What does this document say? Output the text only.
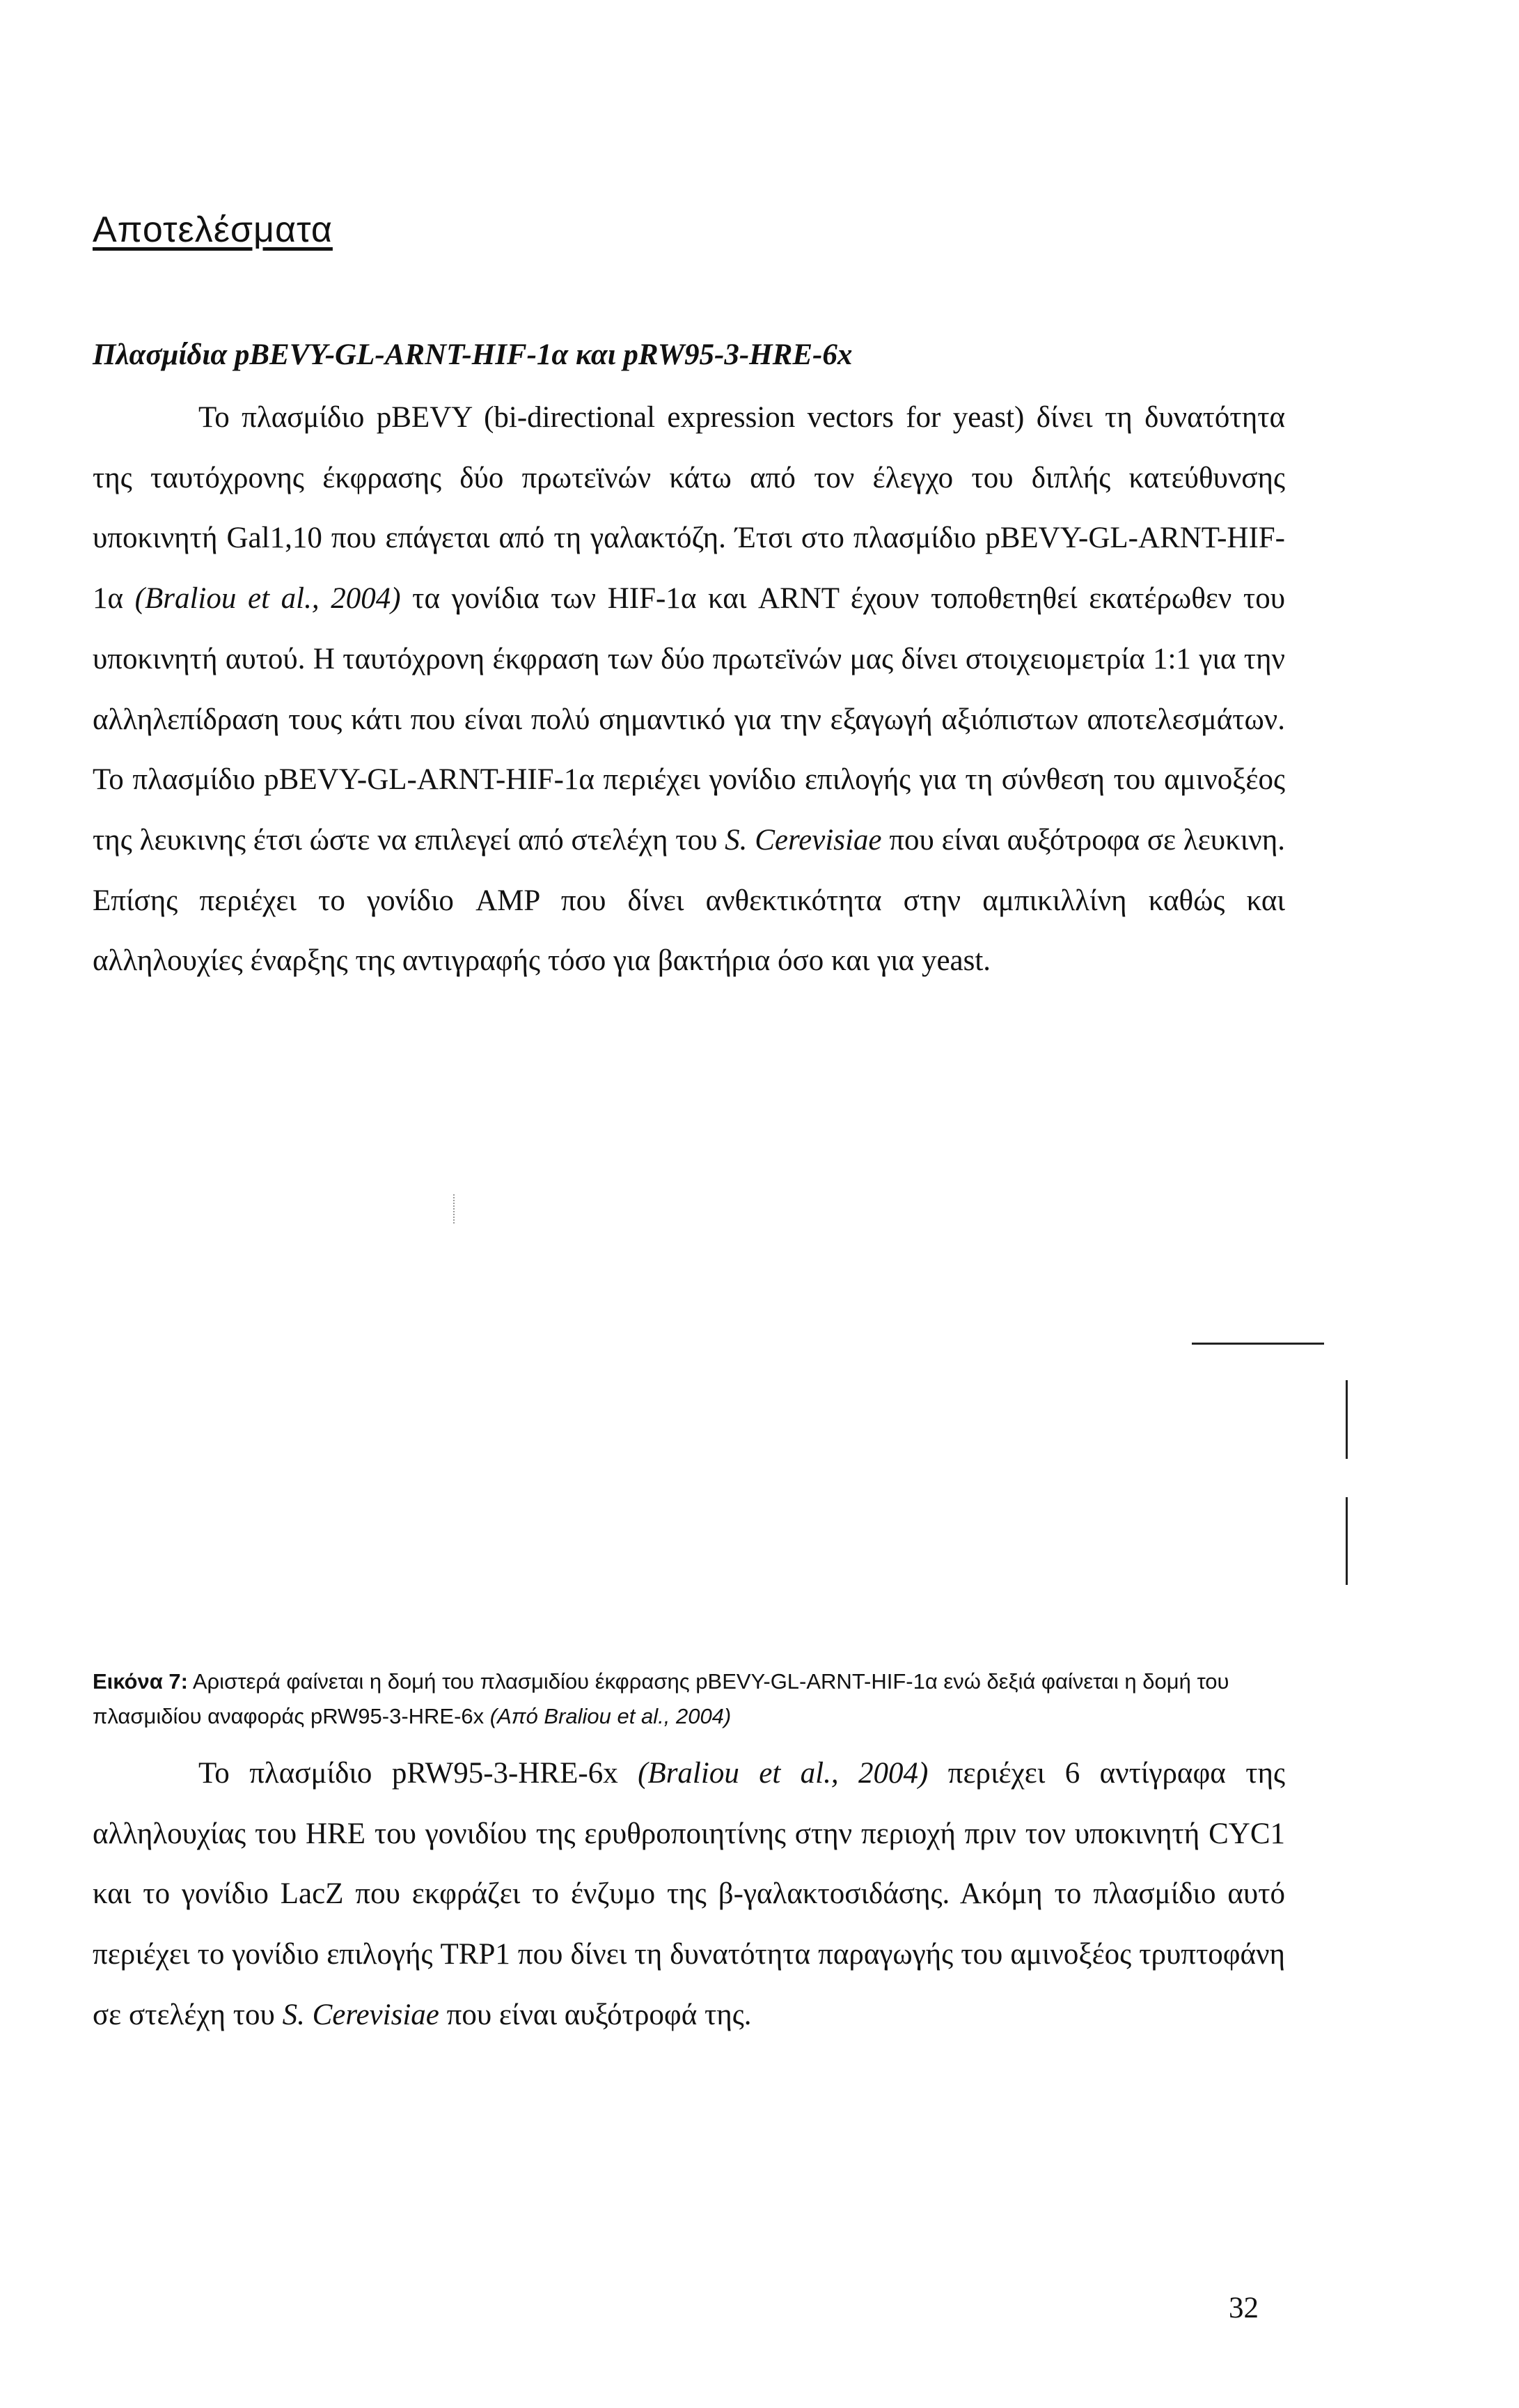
Αποτελέσματα
Πλασμίδια pBEVY-GL-ARNT-HIF-1α και pRW95-3-HRE-6x

Το πλασμίδιο pBEVY (bi-directional expression vectors for yeast) δίνει τη δυνατότητα της ταυτόχρονης έκφρασης δύο πρωτεϊνών κάτω από τον έλεγχο του διπλής κατεύθυνσης υποκινητή Gal1,10 που επάγεται από τη γαλακτόζη. Έτσι στο πλασμίδιο pBEVY-GL-ARNT-HIF-1α (Braliou et al., 2004) τα γονίδια των HIF-1α και ARNT έχουν τοποθετηθεί εκατέρωθεν του υποκινητή αυτού. Η ταυτόχρονη έκφραση των δύο πρωτεϊνών μας δίνει στοιχειομετρία 1:1 για την αλληλεπίδραση τους κάτι που είναι πολύ σημαντικό για την εξαγωγή αξιόπιστων αποτελεσμάτων. Το πλασμίδιο pBEVY-GL-ARNT-HIF-1α περιέχει γονίδιο επιλογής για τη σύνθεση του αμινοξέος της λευκινης έτσι ώστε να επιλεγεί από στελέχη του S. Cerevisiae που είναι αυξότροφα σε λευκινη. Επίσης περιέχει το γονίδιο AMP που δίνει ανθεκτικότητα στην αμπικιλλίνη καθώς και αλληλουχίες έναρξης της αντιγραφής τόσο για βακτήρια όσο και για yeast.

Εικόνα 7: Αριστερά φαίνεται η δομή του πλασμιδίου έκφρασης pBEVY-GL-ARNT-HIF-1α ενώ δεξιά φαίνεται η δομή του πλασμιδίου αναφοράς pRW95-3-HRE-6x (Από Braliou et al., 2004)

Το πλασμίδιο pRW95-3-HRE-6x (Braliou et al., 2004) περιέχει 6 αντίγραφα της αλληλουχίας του HRE του γονιδίου της ερυθροποιητίνης στην περιοχή πριν τον υποκινητή CYC1 και το γονίδιο LacZ που εκφράζει το ένζυμο της β-γαλακτοσιδάσης. Ακόμη το πλασμίδιο αυτό περιέχει το γονίδιο επιλογής TRP1 που δίνει τη δυνατότητα παραγωγής του αμινοξέος τρυπτοφάνη σε στελέχη του S. Cerevisiae που είναι αυξότροφά της.

32
